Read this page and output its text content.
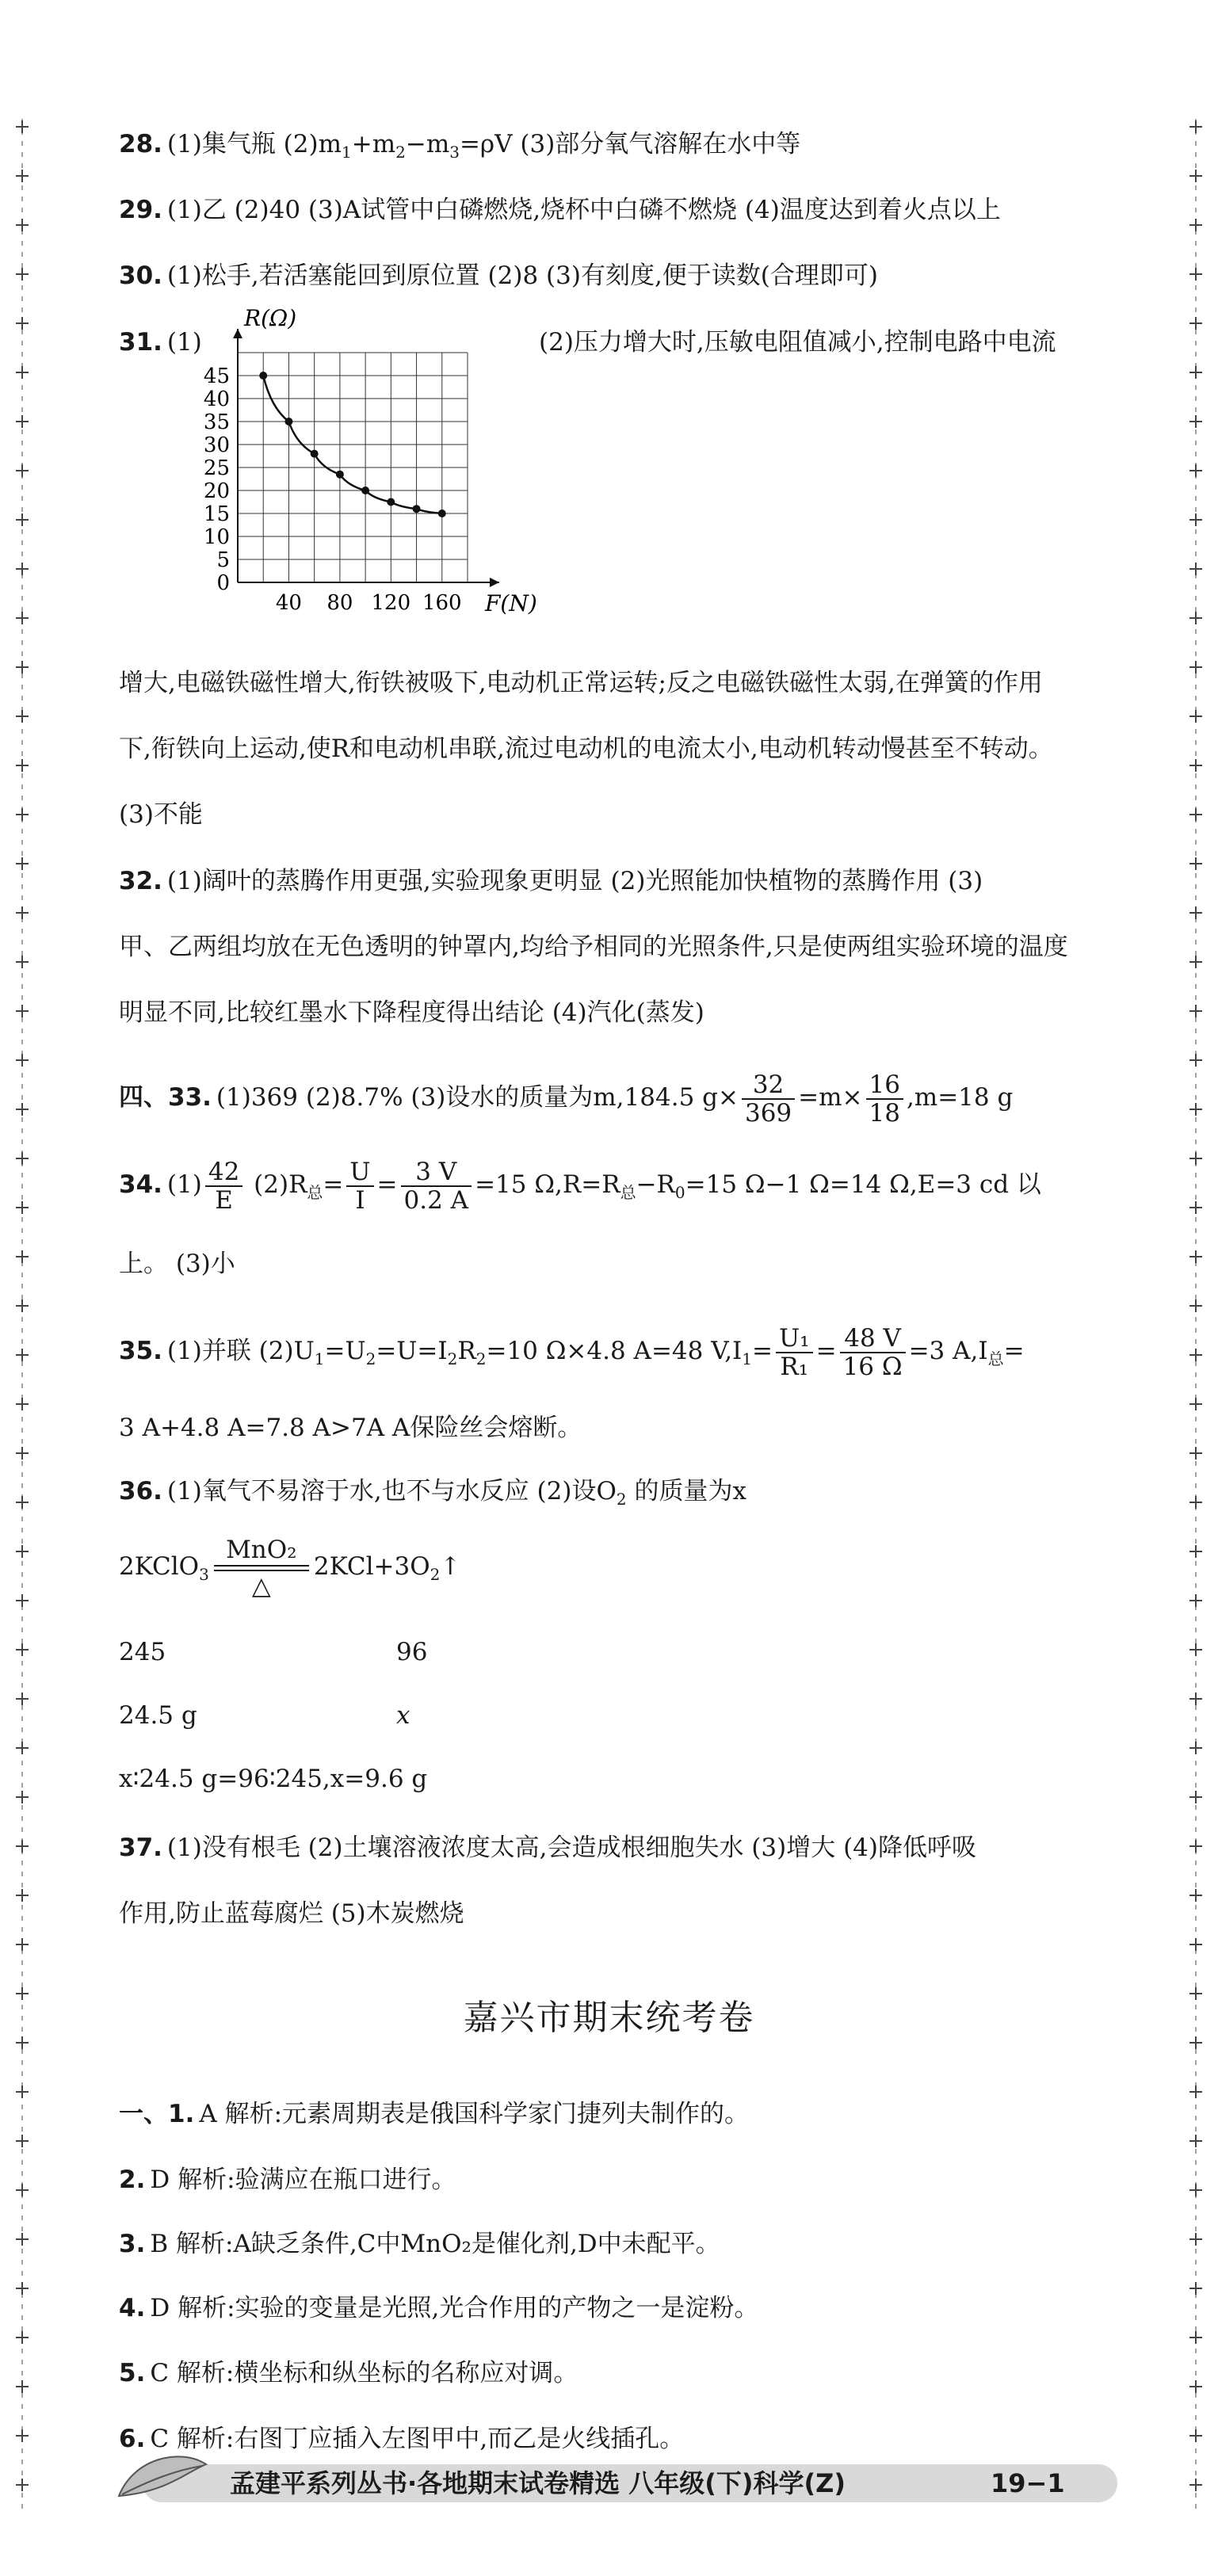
28. (1)集气瓶 $(2)m_1+m_2-m_3=\rho V$ (3)部分氧气溶解在水中等
29. (1)乙 (2)40 (3)A试管中白磷燃烧,烧杯中白磷不燃烧 (4)温度达到着火点以上
30. (1)松手,若活塞能回到原位置 (2)8 (3)有刻度,便于读数(合理即可)
31. (1)	(2)压力增大时,压敏电阻值减小,控制电路中电流
0
5
10
15
20
25
30
35
40
45
40 80 120 160
R(Ω)
F(N)
增大,电磁铁磁性增大,衔铁被吸下,电动机正常运转;反之电磁铁磁性太弱,在弹簧的作用
下,衔铁向上运动,使R和电动机串联,流过电动机的电流太小,电动机转动慢甚至不转动。
(3)不能
32. (1)阔叶的蒸腾作用更强,实验现象更明显 (2)光照能加快植物的蒸腾作用 (3)
甲、乙两组均放在无色透明的钟罩内,均给予相同的光照条件,只是使两组实验环境的温度
明显不同,比较红墨水下降程度得出结论 (4)汽化(蒸发)
四、33. (1)369 (2)8.7% (3)设水的质量为m,184.5 $g\times \frac{32}{369} =m\times \frac{16}{18} ,m=18$ g
34. $(1) \frac{42}{E} (2)R_总= \frac{U}{I} = \frac{3 V}{0.2 A} =15$ $\Omega,R=R_总-R_0=15$ Ω−1 Ω=14 Ω,E=3 cd 以
上。 (3)小
35. (1)并联 $(2)U_1=U_2=U=I_2R_2=10$ Ω×4.8 A=48 $V,I_1= \frac{\text{U₁}}{\text{R₁}} = \frac{48 V}{16 \Omega} =3$ $A,I_总=$
3 A+4.8 A=7.8 A>7A A保险丝会熔断。
36. (1)氧气不易溶于水,也不与水反应 (2)设$O_2$ 的质量为x
2KClO$_3$
MnO₂
△
$2KCl+3O_2↑$
245	96
24.5 g	x
x∶24.5 g=96∶245,x=9.6 g
37. (1)没有根毛 (2)土壤溶液浓度太高,会造成根细胞失水 (3)增大 (4)降低呼吸
作用,防止蓝莓腐烂 (5)木炭燃烧
嘉兴市期末统考卷
一、1. A 解析:元素周期表是俄国科学家门捷列夫制作的。
2. D 解析:验满应在瓶口进行。
3. B 解析:A缺乏条件,C中MnO₂是催化剂,D中未配平。
4. D 解析:实验的变量是光照,光合作用的产物之一是淀粉。
5. C 解析:横坐标和纵坐标的名称应对调。
6. C 解析:右图丁应插入左图甲中,而乙是火线插孔。
孟建平系列丛书·各地期末试卷精选 八年级(下)科学(Z)	19−1
